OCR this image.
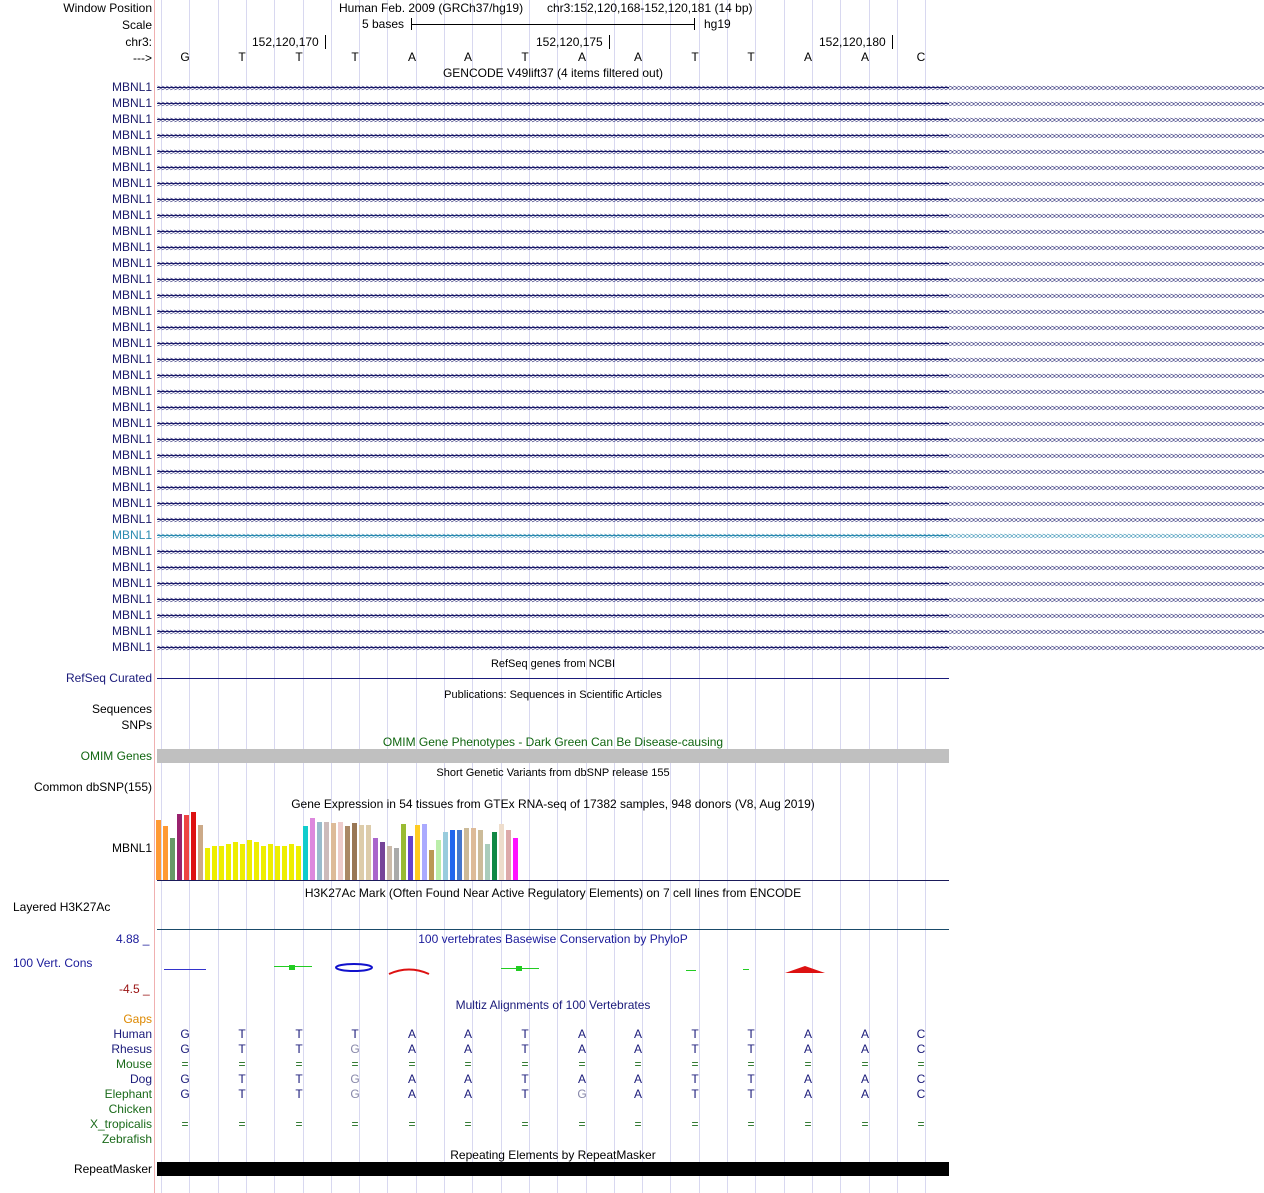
Window Position	Human Feb. 2009 (GRCh37/hg19) chr3:152,120,168-152,120,181 (14 bp)
Scale	5 bases	hg19
chr3:	152,120,170	152,120,175	152,120,180
---> G	T	T	T	A	A	T	A	A	T	T	A	A	C
GENCODE V49lift37 (4 items filtered out)
MBNL1 >>>>>>>>>>>>>>>>>>>>>>>>>>>>>>>>>>>>>>>>>>>>>>>>>>>>>>>>>>>>>>>>>>>>>>>>>>>>>>>>>>>>>>>>>>>>>>>>>>>>>>>>>>>>>>>>>>>>>>>>>>>>>>>>>>>>>>>>>>>>>>>>>>>>>>>>>>>>>>>>>>>>>>>>>>>>>>>>>>>>>>>>>>>>>>>>>>>>>>>>>>>>>>>>>>>>>>>>>>>>>>>>>>>>>>>>>>>>>>>>>>>>>>>>>>>>>>>>>>>>
MBNL1 >>>>>>>>>>>>>>>>>>>>>>>>>>>>>>>>>>>>>>>>>>>>>>>>>>>>>>>>>>>>>>>>>>>>>>>>>>>>>>>>>>>>>>>>>>>>>>>>>>>>>>>>>>>>>>>>>>>>>>>>>>>>>>>>>>>>>>>>>>>>>>>>>>>>>>>>>>>>>>>>>>>>>>>>>>>>>>>>>>>>>>>>>>>>>>>>>>>>>>>>>>>>>>>>>>>>>>>>>>>>>>>>>>>>>>>>>>>>>>>>>>>>>>>>>>>>>>>>>>>>
MBNL1 >>>>>>>>>>>>>>>>>>>>>>>>>>>>>>>>>>>>>>>>>>>>>>>>>>>>>>>>>>>>>>>>>>>>>>>>>>>>>>>>>>>>>>>>>>>>>>>>>>>>>>>>>>>>>>>>>>>>>>>>>>>>>>>>>>>>>>>>>>>>>>>>>>>>>>>>>>>>>>>>>>>>>>>>>>>>>>>>>>>>>>>>>>>>>>>>>>>>>>>>>>>>>>>>>>>>>>>>>>>>>>>>>>>>>>>>>>>>>>>>>>>>>>>>>>>>>>>>>>>>
MBNL1 >>>>>>>>>>>>>>>>>>>>>>>>>>>>>>>>>>>>>>>>>>>>>>>>>>>>>>>>>>>>>>>>>>>>>>>>>>>>>>>>>>>>>>>>>>>>>>>>>>>>>>>>>>>>>>>>>>>>>>>>>>>>>>>>>>>>>>>>>>>>>>>>>>>>>>>>>>>>>>>>>>>>>>>>>>>>>>>>>>>>>>>>>>>>>>>>>>>>>>>>>>>>>>>>>>>>>>>>>>>>>>>>>>>>>>>>>>>>>>>>>>>>>>>>>>>>>>>>>>>>
MBNL1 >>>>>>>>>>>>>>>>>>>>>>>>>>>>>>>>>>>>>>>>>>>>>>>>>>>>>>>>>>>>>>>>>>>>>>>>>>>>>>>>>>>>>>>>>>>>>>>>>>>>>>>>>>>>>>>>>>>>>>>>>>>>>>>>>>>>>>>>>>>>>>>>>>>>>>>>>>>>>>>>>>>>>>>>>>>>>>>>>>>>>>>>>>>>>>>>>>>>>>>>>>>>>>>>>>>>>>>>>>>>>>>>>>>>>>>>>>>>>>>>>>>>>>>>>>>>>>>>>>>>
MBNL1 >>>>>>>>>>>>>>>>>>>>>>>>>>>>>>>>>>>>>>>>>>>>>>>>>>>>>>>>>>>>>>>>>>>>>>>>>>>>>>>>>>>>>>>>>>>>>>>>>>>>>>>>>>>>>>>>>>>>>>>>>>>>>>>>>>>>>>>>>>>>>>>>>>>>>>>>>>>>>>>>>>>>>>>>>>>>>>>>>>>>>>>>>>>>>>>>>>>>>>>>>>>>>>>>>>>>>>>>>>>>>>>>>>>>>>>>>>>>>>>>>>>>>>>>>>>>>>>>>>>>
MBNL1 >>>>>>>>>>>>>>>>>>>>>>>>>>>>>>>>>>>>>>>>>>>>>>>>>>>>>>>>>>>>>>>>>>>>>>>>>>>>>>>>>>>>>>>>>>>>>>>>>>>>>>>>>>>>>>>>>>>>>>>>>>>>>>>>>>>>>>>>>>>>>>>>>>>>>>>>>>>>>>>>>>>>>>>>>>>>>>>>>>>>>>>>>>>>>>>>>>>>>>>>>>>>>>>>>>>>>>>>>>>>>>>>>>>>>>>>>>>>>>>>>>>>>>>>>>>>>>>>>>>>
MBNL1 >>>>>>>>>>>>>>>>>>>>>>>>>>>>>>>>>>>>>>>>>>>>>>>>>>>>>>>>>>>>>>>>>>>>>>>>>>>>>>>>>>>>>>>>>>>>>>>>>>>>>>>>>>>>>>>>>>>>>>>>>>>>>>>>>>>>>>>>>>>>>>>>>>>>>>>>>>>>>>>>>>>>>>>>>>>>>>>>>>>>>>>>>>>>>>>>>>>>>>>>>>>>>>>>>>>>>>>>>>>>>>>>>>>>>>>>>>>>>>>>>>>>>>>>>>>>>>>>>>>>
MBNL1 >>>>>>>>>>>>>>>>>>>>>>>>>>>>>>>>>>>>>>>>>>>>>>>>>>>>>>>>>>>>>>>>>>>>>>>>>>>>>>>>>>>>>>>>>>>>>>>>>>>>>>>>>>>>>>>>>>>>>>>>>>>>>>>>>>>>>>>>>>>>>>>>>>>>>>>>>>>>>>>>>>>>>>>>>>>>>>>>>>>>>>>>>>>>>>>>>>>>>>>>>>>>>>>>>>>>>>>>>>>>>>>>>>>>>>>>>>>>>>>>>>>>>>>>>>>>>>>>>>>>
MBNL1 >>>>>>>>>>>>>>>>>>>>>>>>>>>>>>>>>>>>>>>>>>>>>>>>>>>>>>>>>>>>>>>>>>>>>>>>>>>>>>>>>>>>>>>>>>>>>>>>>>>>>>>>>>>>>>>>>>>>>>>>>>>>>>>>>>>>>>>>>>>>>>>>>>>>>>>>>>>>>>>>>>>>>>>>>>>>>>>>>>>>>>>>>>>>>>>>>>>>>>>>>>>>>>>>>>>>>>>>>>>>>>>>>>>>>>>>>>>>>>>>>>>>>>>>>>>>>>>>>>>>
MBNL1 >>>>>>>>>>>>>>>>>>>>>>>>>>>>>>>>>>>>>>>>>>>>>>>>>>>>>>>>>>>>>>>>>>>>>>>>>>>>>>>>>>>>>>>>>>>>>>>>>>>>>>>>>>>>>>>>>>>>>>>>>>>>>>>>>>>>>>>>>>>>>>>>>>>>>>>>>>>>>>>>>>>>>>>>>>>>>>>>>>>>>>>>>>>>>>>>>>>>>>>>>>>>>>>>>>>>>>>>>>>>>>>>>>>>>>>>>>>>>>>>>>>>>>>>>>>>>>>>>>>>
MBNL1 >>>>>>>>>>>>>>>>>>>>>>>>>>>>>>>>>>>>>>>>>>>>>>>>>>>>>>>>>>>>>>>>>>>>>>>>>>>>>>>>>>>>>>>>>>>>>>>>>>>>>>>>>>>>>>>>>>>>>>>>>>>>>>>>>>>>>>>>>>>>>>>>>>>>>>>>>>>>>>>>>>>>>>>>>>>>>>>>>>>>>>>>>>>>>>>>>>>>>>>>>>>>>>>>>>>>>>>>>>>>>>>>>>>>>>>>>>>>>>>>>>>>>>>>>>>>>>>>>>>>
MBNL1 >>>>>>>>>>>>>>>>>>>>>>>>>>>>>>>>>>>>>>>>>>>>>>>>>>>>>>>>>>>>>>>>>>>>>>>>>>>>>>>>>>>>>>>>>>>>>>>>>>>>>>>>>>>>>>>>>>>>>>>>>>>>>>>>>>>>>>>>>>>>>>>>>>>>>>>>>>>>>>>>>>>>>>>>>>>>>>>>>>>>>>>>>>>>>>>>>>>>>>>>>>>>>>>>>>>>>>>>>>>>>>>>>>>>>>>>>>>>>>>>>>>>>>>>>>>>>>>>>>>>
MBNL1 >>>>>>>>>>>>>>>>>>>>>>>>>>>>>>>>>>>>>>>>>>>>>>>>>>>>>>>>>>>>>>>>>>>>>>>>>>>>>>>>>>>>>>>>>>>>>>>>>>>>>>>>>>>>>>>>>>>>>>>>>>>>>>>>>>>>>>>>>>>>>>>>>>>>>>>>>>>>>>>>>>>>>>>>>>>>>>>>>>>>>>>>>>>>>>>>>>>>>>>>>>>>>>>>>>>>>>>>>>>>>>>>>>>>>>>>>>>>>>>>>>>>>>>>>>>>>>>>>>>>
MBNL1 >>>>>>>>>>>>>>>>>>>>>>>>>>>>>>>>>>>>>>>>>>>>>>>>>>>>>>>>>>>>>>>>>>>>>>>>>>>>>>>>>>>>>>>>>>>>>>>>>>>>>>>>>>>>>>>>>>>>>>>>>>>>>>>>>>>>>>>>>>>>>>>>>>>>>>>>>>>>>>>>>>>>>>>>>>>>>>>>>>>>>>>>>>>>>>>>>>>>>>>>>>>>>>>>>>>>>>>>>>>>>>>>>>>>>>>>>>>>>>>>>>>>>>>>>>>>>>>>>>>>
MBNL1 >>>>>>>>>>>>>>>>>>>>>>>>>>>>>>>>>>>>>>>>>>>>>>>>>>>>>>>>>>>>>>>>>>>>>>>>>>>>>>>>>>>>>>>>>>>>>>>>>>>>>>>>>>>>>>>>>>>>>>>>>>>>>>>>>>>>>>>>>>>>>>>>>>>>>>>>>>>>>>>>>>>>>>>>>>>>>>>>>>>>>>>>>>>>>>>>>>>>>>>>>>>>>>>>>>>>>>>>>>>>>>>>>>>>>>>>>>>>>>>>>>>>>>>>>>>>>>>>>>>>
MBNL1 >>>>>>>>>>>>>>>>>>>>>>>>>>>>>>>>>>>>>>>>>>>>>>>>>>>>>>>>>>>>>>>>>>>>>>>>>>>>>>>>>>>>>>>>>>>>>>>>>>>>>>>>>>>>>>>>>>>>>>>>>>>>>>>>>>>>>>>>>>>>>>>>>>>>>>>>>>>>>>>>>>>>>>>>>>>>>>>>>>>>>>>>>>>>>>>>>>>>>>>>>>>>>>>>>>>>>>>>>>>>>>>>>>>>>>>>>>>>>>>>>>>>>>>>>>>>>>>>>>>>
MBNL1 >>>>>>>>>>>>>>>>>>>>>>>>>>>>>>>>>>>>>>>>>>>>>>>>>>>>>>>>>>>>>>>>>>>>>>>>>>>>>>>>>>>>>>>>>>>>>>>>>>>>>>>>>>>>>>>>>>>>>>>>>>>>>>>>>>>>>>>>>>>>>>>>>>>>>>>>>>>>>>>>>>>>>>>>>>>>>>>>>>>>>>>>>>>>>>>>>>>>>>>>>>>>>>>>>>>>>>>>>>>>>>>>>>>>>>>>>>>>>>>>>>>>>>>>>>>>>>>>>>>>
MBNL1 >>>>>>>>>>>>>>>>>>>>>>>>>>>>>>>>>>>>>>>>>>>>>>>>>>>>>>>>>>>>>>>>>>>>>>>>>>>>>>>>>>>>>>>>>>>>>>>>>>>>>>>>>>>>>>>>>>>>>>>>>>>>>>>>>>>>>>>>>>>>>>>>>>>>>>>>>>>>>>>>>>>>>>>>>>>>>>>>>>>>>>>>>>>>>>>>>>>>>>>>>>>>>>>>>>>>>>>>>>>>>>>>>>>>>>>>>>>>>>>>>>>>>>>>>>>>>>>>>>>>
MBNL1 >>>>>>>>>>>>>>>>>>>>>>>>>>>>>>>>>>>>>>>>>>>>>>>>>>>>>>>>>>>>>>>>>>>>>>>>>>>>>>>>>>>>>>>>>>>>>>>>>>>>>>>>>>>>>>>>>>>>>>>>>>>>>>>>>>>>>>>>>>>>>>>>>>>>>>>>>>>>>>>>>>>>>>>>>>>>>>>>>>>>>>>>>>>>>>>>>>>>>>>>>>>>>>>>>>>>>>>>>>>>>>>>>>>>>>>>>>>>>>>>>>>>>>>>>>>>>>>>>>>>
MBNL1 >>>>>>>>>>>>>>>>>>>>>>>>>>>>>>>>>>>>>>>>>>>>>>>>>>>>>>>>>>>>>>>>>>>>>>>>>>>>>>>>>>>>>>>>>>>>>>>>>>>>>>>>>>>>>>>>>>>>>>>>>>>>>>>>>>>>>>>>>>>>>>>>>>>>>>>>>>>>>>>>>>>>>>>>>>>>>>>>>>>>>>>>>>>>>>>>>>>>>>>>>>>>>>>>>>>>>>>>>>>>>>>>>>>>>>>>>>>>>>>>>>>>>>>>>>>>>>>>>>>>
MBNL1 >>>>>>>>>>>>>>>>>>>>>>>>>>>>>>>>>>>>>>>>>>>>>>>>>>>>>>>>>>>>>>>>>>>>>>>>>>>>>>>>>>>>>>>>>>>>>>>>>>>>>>>>>>>>>>>>>>>>>>>>>>>>>>>>>>>>>>>>>>>>>>>>>>>>>>>>>>>>>>>>>>>>>>>>>>>>>>>>>>>>>>>>>>>>>>>>>>>>>>>>>>>>>>>>>>>>>>>>>>>>>>>>>>>>>>>>>>>>>>>>>>>>>>>>>>>>>>>>>>>>
MBNL1 >>>>>>>>>>>>>>>>>>>>>>>>>>>>>>>>>>>>>>>>>>>>>>>>>>>>>>>>>>>>>>>>>>>>>>>>>>>>>>>>>>>>>>>>>>>>>>>>>>>>>>>>>>>>>>>>>>>>>>>>>>>>>>>>>>>>>>>>>>>>>>>>>>>>>>>>>>>>>>>>>>>>>>>>>>>>>>>>>>>>>>>>>>>>>>>>>>>>>>>>>>>>>>>>>>>>>>>>>>>>>>>>>>>>>>>>>>>>>>>>>>>>>>>>>>>>>>>>>>>>
MBNL1 >>>>>>>>>>>>>>>>>>>>>>>>>>>>>>>>>>>>>>>>>>>>>>>>>>>>>>>>>>>>>>>>>>>>>>>>>>>>>>>>>>>>>>>>>>>>>>>>>>>>>>>>>>>>>>>>>>>>>>>>>>>>>>>>>>>>>>>>>>>>>>>>>>>>>>>>>>>>>>>>>>>>>>>>>>>>>>>>>>>>>>>>>>>>>>>>>>>>>>>>>>>>>>>>>>>>>>>>>>>>>>>>>>>>>>>>>>>>>>>>>>>>>>>>>>>>>>>>>>>>
MBNL1 >>>>>>>>>>>>>>>>>>>>>>>>>>>>>>>>>>>>>>>>>>>>>>>>>>>>>>>>>>>>>>>>>>>>>>>>>>>>>>>>>>>>>>>>>>>>>>>>>>>>>>>>>>>>>>>>>>>>>>>>>>>>>>>>>>>>>>>>>>>>>>>>>>>>>>>>>>>>>>>>>>>>>>>>>>>>>>>>>>>>>>>>>>>>>>>>>>>>>>>>>>>>>>>>>>>>>>>>>>>>>>>>>>>>>>>>>>>>>>>>>>>>>>>>>>>>>>>>>>>>
MBNL1 >>>>>>>>>>>>>>>>>>>>>>>>>>>>>>>>>>>>>>>>>>>>>>>>>>>>>>>>>>>>>>>>>>>>>>>>>>>>>>>>>>>>>>>>>>>>>>>>>>>>>>>>>>>>>>>>>>>>>>>>>>>>>>>>>>>>>>>>>>>>>>>>>>>>>>>>>>>>>>>>>>>>>>>>>>>>>>>>>>>>>>>>>>>>>>>>>>>>>>>>>>>>>>>>>>>>>>>>>>>>>>>>>>>>>>>>>>>>>>>>>>>>>>>>>>>>>>>>>>>>
MBNL1 >>>>>>>>>>>>>>>>>>>>>>>>>>>>>>>>>>>>>>>>>>>>>>>>>>>>>>>>>>>>>>>>>>>>>>>>>>>>>>>>>>>>>>>>>>>>>>>>>>>>>>>>>>>>>>>>>>>>>>>>>>>>>>>>>>>>>>>>>>>>>>>>>>>>>>>>>>>>>>>>>>>>>>>>>>>>>>>>>>>>>>>>>>>>>>>>>>>>>>>>>>>>>>>>>>>>>>>>>>>>>>>>>>>>>>>>>>>>>>>>>>>>>>>>>>>>>>>>>>>>
MBNL1 >>>>>>>>>>>>>>>>>>>>>>>>>>>>>>>>>>>>>>>>>>>>>>>>>>>>>>>>>>>>>>>>>>>>>>>>>>>>>>>>>>>>>>>>>>>>>>>>>>>>>>>>>>>>>>>>>>>>>>>>>>>>>>>>>>>>>>>>>>>>>>>>>>>>>>>>>>>>>>>>>>>>>>>>>>>>>>>>>>>>>>>>>>>>>>>>>>>>>>>>>>>>>>>>>>>>>>>>>>>>>>>>>>>>>>>>>>>>>>>>>>>>>>>>>>>>>>>>>>>>
MBNL1 >>>>>>>>>>>>>>>>>>>>>>>>>>>>>>>>>>>>>>>>>>>>>>>>>>>>>>>>>>>>>>>>>>>>>>>>>>>>>>>>>>>>>>>>>>>>>>>>>>>>>>>>>>>>>>>>>>>>>>>>>>>>>>>>>>>>>>>>>>>>>>>>>>>>>>>>>>>>>>>>>>>>>>>>>>>>>>>>>>>>>>>>>>>>>>>>>>>>>>>>>>>>>>>>>>>>>>>>>>>>>>>>>>>>>>>>>>>>>>>>>>>>>>>>>>>>>>>>>>>>
MBNL1 >>>>>>>>>>>>>>>>>>>>>>>>>>>>>>>>>>>>>>>>>>>>>>>>>>>>>>>>>>>>>>>>>>>>>>>>>>>>>>>>>>>>>>>>>>>>>>>>>>>>>>>>>>>>>>>>>>>>>>>>>>>>>>>>>>>>>>>>>>>>>>>>>>>>>>>>>>>>>>>>>>>>>>>>>>>>>>>>>>>>>>>>>>>>>>>>>>>>>>>>>>>>>>>>>>>>>>>>>>>>>>>>>>>>>>>>>>>>>>>>>>>>>>>>>>>>>>>>>>>>
MBNL1 >>>>>>>>>>>>>>>>>>>>>>>>>>>>>>>>>>>>>>>>>>>>>>>>>>>>>>>>>>>>>>>>>>>>>>>>>>>>>>>>>>>>>>>>>>>>>>>>>>>>>>>>>>>>>>>>>>>>>>>>>>>>>>>>>>>>>>>>>>>>>>>>>>>>>>>>>>>>>>>>>>>>>>>>>>>>>>>>>>>>>>>>>>>>>>>>>>>>>>>>>>>>>>>>>>>>>>>>>>>>>>>>>>>>>>>>>>>>>>>>>>>>>>>>>>>>>>>>>>>>
MBNL1 >>>>>>>>>>>>>>>>>>>>>>>>>>>>>>>>>>>>>>>>>>>>>>>>>>>>>>>>>>>>>>>>>>>>>>>>>>>>>>>>>>>>>>>>>>>>>>>>>>>>>>>>>>>>>>>>>>>>>>>>>>>>>>>>>>>>>>>>>>>>>>>>>>>>>>>>>>>>>>>>>>>>>>>>>>>>>>>>>>>>>>>>>>>>>>>>>>>>>>>>>>>>>>>>>>>>>>>>>>>>>>>>>>>>>>>>>>>>>>>>>>>>>>>>>>>>>>>>>>>>
MBNL1 >>>>>>>>>>>>>>>>>>>>>>>>>>>>>>>>>>>>>>>>>>>>>>>>>>>>>>>>>>>>>>>>>>>>>>>>>>>>>>>>>>>>>>>>>>>>>>>>>>>>>>>>>>>>>>>>>>>>>>>>>>>>>>>>>>>>>>>>>>>>>>>>>>>>>>>>>>>>>>>>>>>>>>>>>>>>>>>>>>>>>>>>>>>>>>>>>>>>>>>>>>>>>>>>>>>>>>>>>>>>>>>>>>>>>>>>>>>>>>>>>>>>>>>>>>>>>>>>>>>>
MBNL1 >>>>>>>>>>>>>>>>>>>>>>>>>>>>>>>>>>>>>>>>>>>>>>>>>>>>>>>>>>>>>>>>>>>>>>>>>>>>>>>>>>>>>>>>>>>>>>>>>>>>>>>>>>>>>>>>>>>>>>>>>>>>>>>>>>>>>>>>>>>>>>>>>>>>>>>>>>>>>>>>>>>>>>>>>>>>>>>>>>>>>>>>>>>>>>>>>>>>>>>>>>>>>>>>>>>>>>>>>>>>>>>>>>>>>>>>>>>>>>>>>>>>>>>>>>>>>>>>>>>>
MBNL1 >>>>>>>>>>>>>>>>>>>>>>>>>>>>>>>>>>>>>>>>>>>>>>>>>>>>>>>>>>>>>>>>>>>>>>>>>>>>>>>>>>>>>>>>>>>>>>>>>>>>>>>>>>>>>>>>>>>>>>>>>>>>>>>>>>>>>>>>>>>>>>>>>>>>>>>>>>>>>>>>>>>>>>>>>>>>>>>>>>>>>>>>>>>>>>>>>>>>>>>>>>>>>>>>>>>>>>>>>>>>>>>>>>>>>>>>>>>>>>>>>>>>>>>>>>>>>>>>>>>>
MBNL1 >>>>>>>>>>>>>>>>>>>>>>>>>>>>>>>>>>>>>>>>>>>>>>>>>>>>>>>>>>>>>>>>>>>>>>>>>>>>>>>>>>>>>>>>>>>>>>>>>>>>>>>>>>>>>>>>>>>>>>>>>>>>>>>>>>>>>>>>>>>>>>>>>>>>>>>>>>>>>>>>>>>>>>>>>>>>>>>>>>>>>>>>>>>>>>>>>>>>>>>>>>>>>>>>>>>>>>>>>>>>>>>>>>>>>>>>>>>>>>>>>>>>>>>>>>>>>>>>>>>>
RefSeq genes from NCBI
RefSeq Curated
Publications: Sequences in Scientific Articles
Sequences
SNPs
OMIM Gene Phenotypes - Dark Green Can Be Disease-causing
OMIM Genes
Short Genetic Variants from dbSNP release 155
Common dbSNP(155)
Gene Expression in 54 tissues from GTEx RNA-seq of 17382 samples, 948 donors (V8, Aug 2019)
MBNL1
H3K27Ac Mark (Often Found Near Active Regulatory Elements) on 7 cell lines from ENCODE
Layered H3K27Ac
100 vertebrates Basewise Conservation by PhyloP
4.88 _
100 Vert. Cons
-4.5 _
Multiz Alignments of 100 Vertebrates
Gaps
Human G	T	T	T	A	A	T	A	A	T	T	A	A	C
Rhesus G	T	T	G	A	A	T	A	A	T	T	A	A	C
Mouse =	=	=	=	=	=	=	=	=	=	=	=	=	=
Dog G	T	T	G	A	A	T	A	A	T	T	A	A	C
Elephant G	T	T	G	A	A	T	G	A	T	T	A	A	C
Chicken
X_tropicalis =	=	=	=	=	=	=	=	=	=	=	=	=	=
Zebrafish
Repeating Elements by RepeatMasker
RepeatMasker
